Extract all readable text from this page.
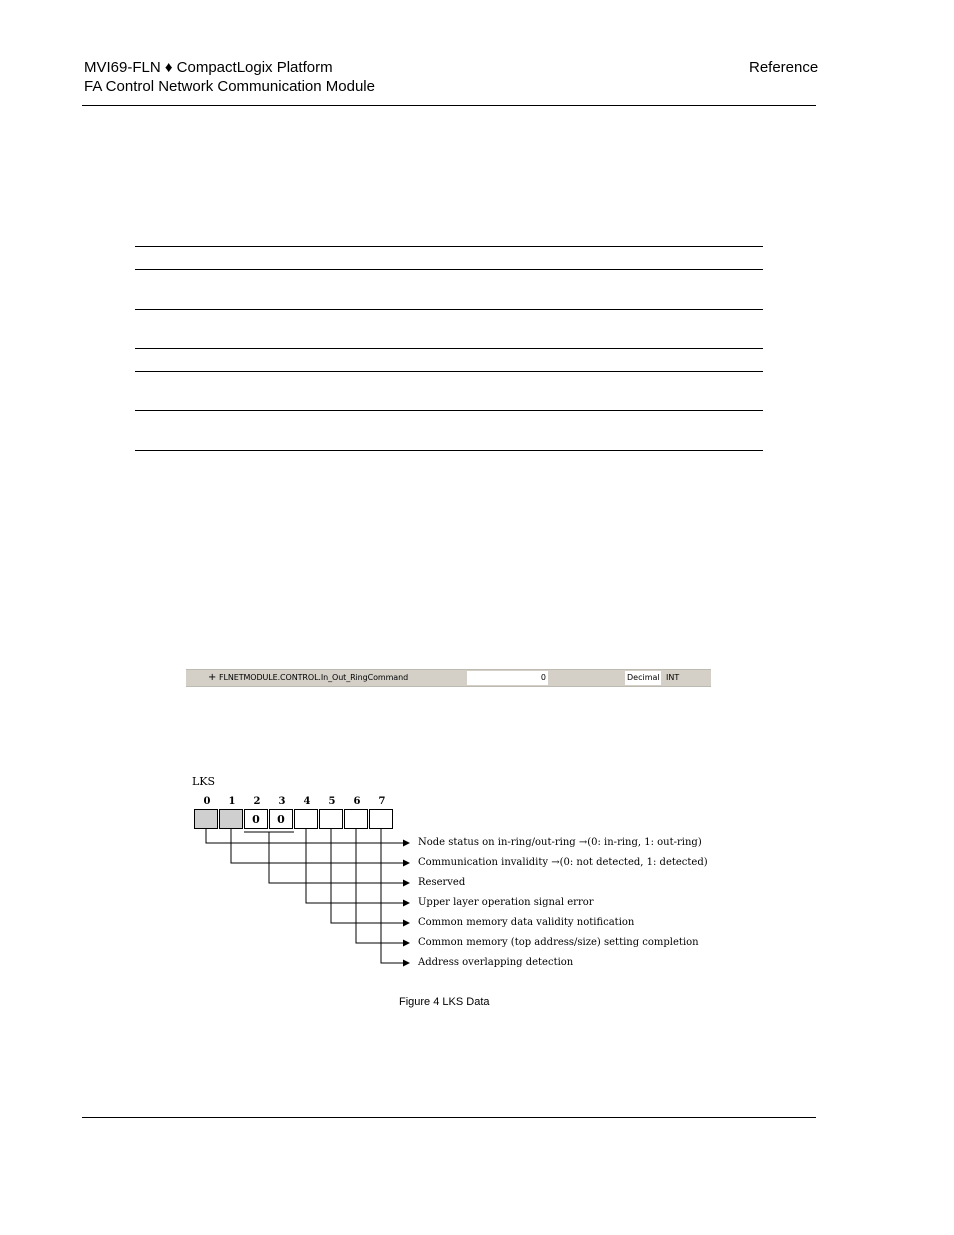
MVI69-FLN ♦ CompactLogix Platform
FA Control Network Communication Module
Reference
+ FLNETMODULE.CONTROL.In_Out_RingCommand	0	Decimal INT
LKS
0	1	2	3	4	5	6	7
0	0
Node status on in-ring/out-ring →(0: in-ring, 1: out-ring)
Communication invalidity →(0: not detected, 1: detected)
Reserved
Upper layer operation signal error
Common memory data validity notification
Common memory (top address/size) setting completion
Address overlapping detection
Figure 4 LKS Data
